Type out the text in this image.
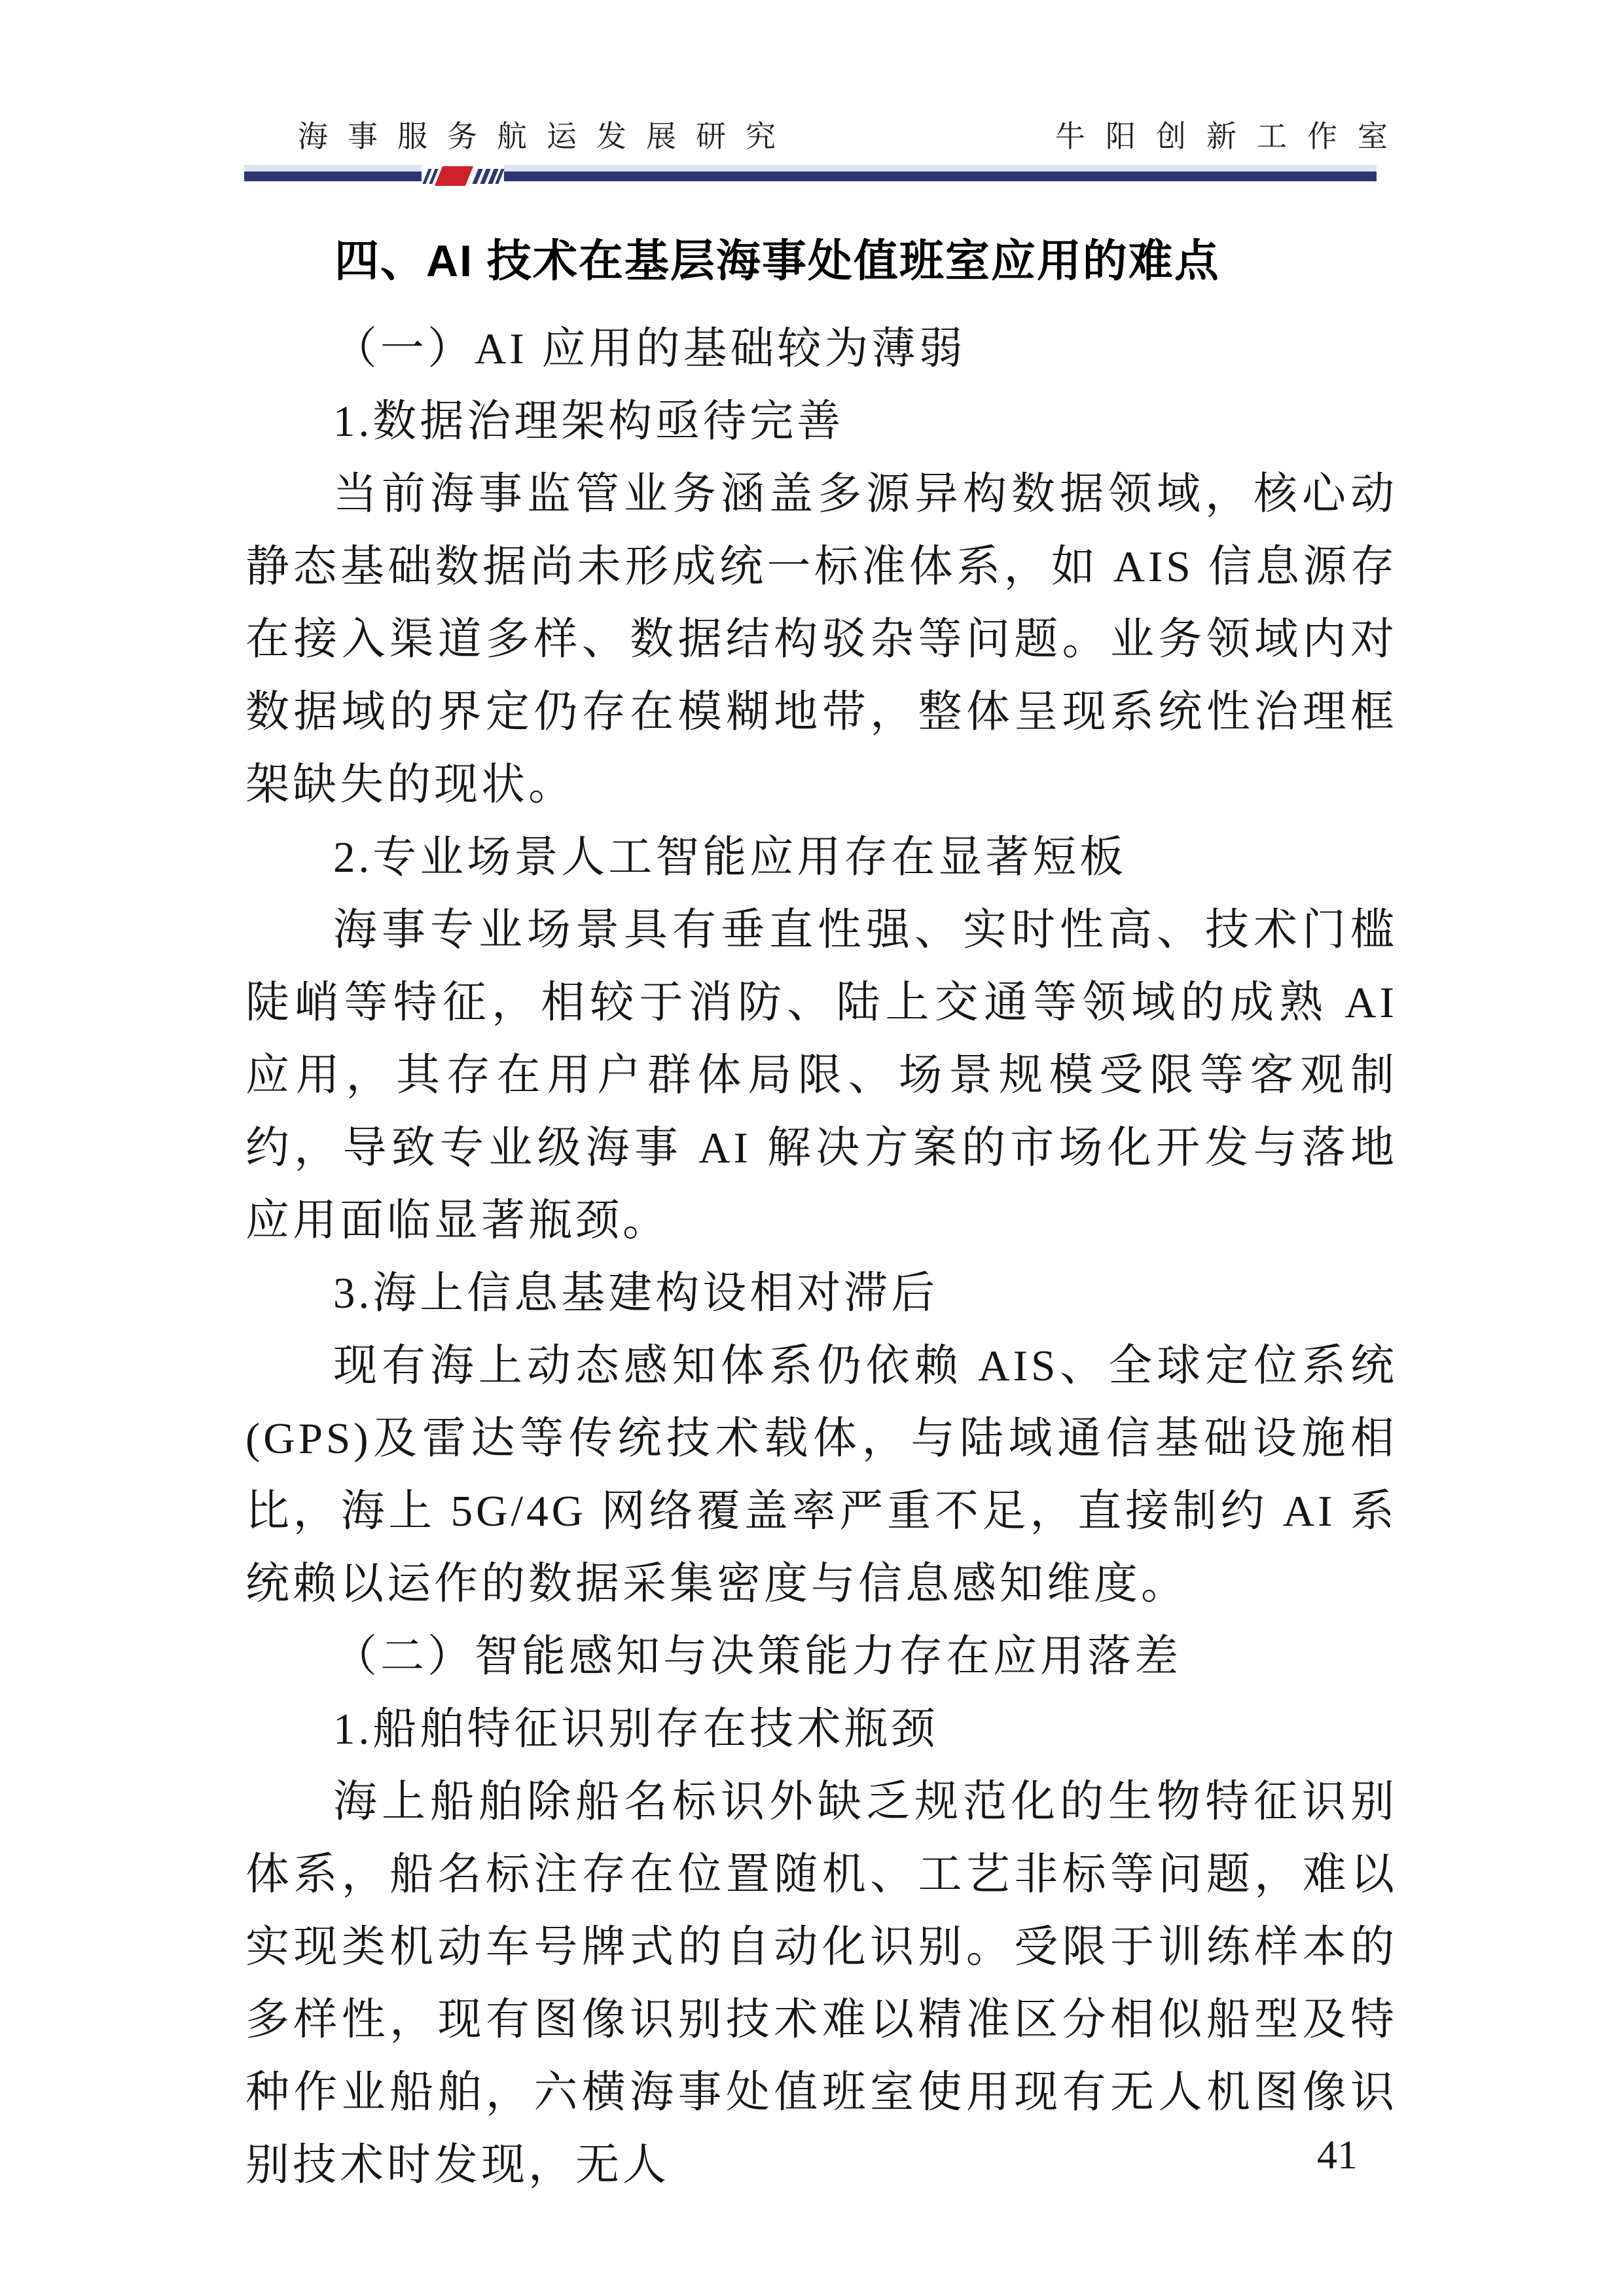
海事服务航运发展研究	牛阳创新工作室
四、AI 技术在基层海事处值班室应用的难点
（一）AI 应用的基础较为薄弱
1.数据治理架构亟待完善
当前海事监管业务涵盖多源异构数据领域，核心动静态基础数据尚未形成统一标准体系，如 AIS 信息源存在接入渠道多样、数据结构驳杂等问题。业务领域内对数据域的界定仍存在模糊地带，整体呈现系统性治理框架缺失的现状。
2.专业场景人工智能应用存在显著短板
海事专业场景具有垂直性强、实时性高、技术门槛陡峭等特征，相较于消防、陆上交通等领域的成熟 AI 应用，其存在用户群体局限、场景规模受限等客观制约，导致专业级海事 AI 解决方案的市场化开发与落地应用面临显著瓶颈。
3.海上信息基建构设相对滞后
现有海上动态感知体系仍依赖 AIS、全球定位系统(GPS)及雷达等传统技术载体，与陆域通信基础设施相比，海上 5G/4G 网络覆盖率严重不足，直接制约 AI 系统赖以运作的数据采集密度与信息感知维度。
（二）智能感知与决策能力存在应用落差
1.船舶特征识别存在技术瓶颈
海上船舶除船名标识外缺乏规范化的生物特征识别体系，船名标注存在位置随机、工艺非标等问题，难以实现类机动车号牌式的自动化识别。受限于训练样本的多样性，现有图像识别技术难以精准区分相似船型及特种作业船舶，六横海事处值班室使用现有无人机图像识别技术时发现，无人	41
